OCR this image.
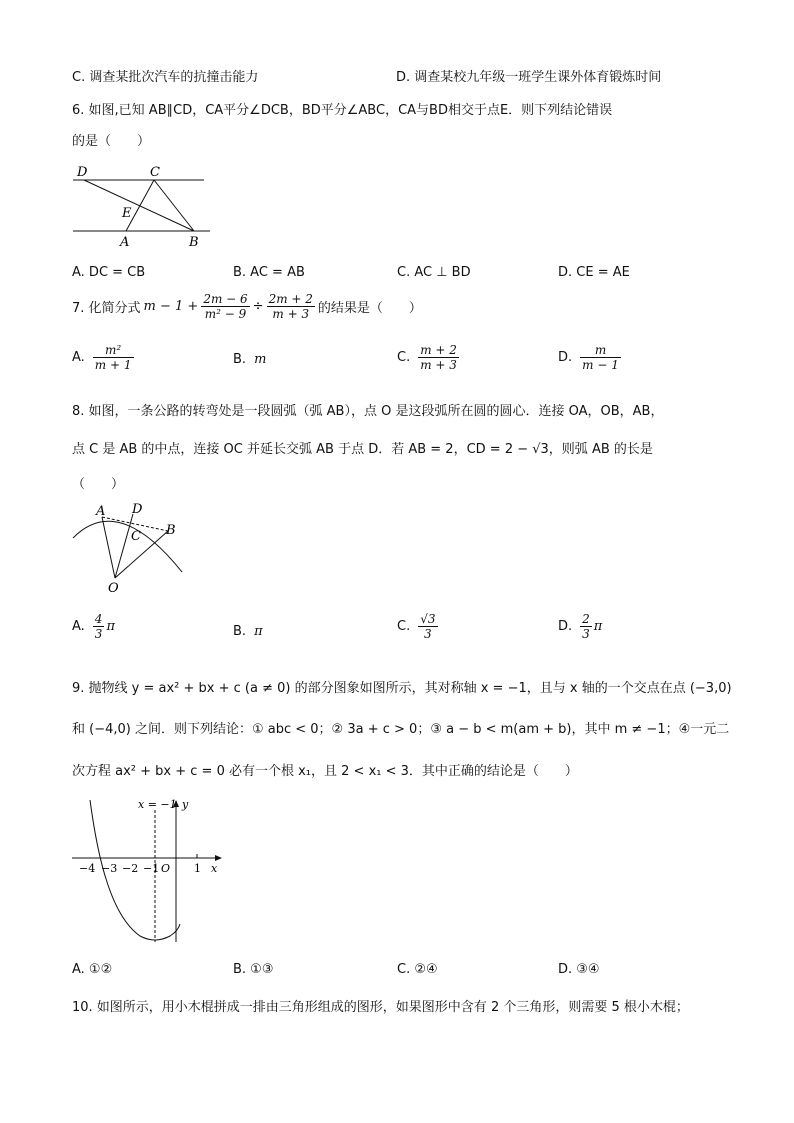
C. 调查某批次汽车的抗撞击能力	D. 调查某校九年级一班学生课外体育锻炼时间
6. 如图,已知 AB∥CD，CA平分∠DCB，BD平分∠ABC，CA与BD相交于点E．则下列结论错误
的是（　　）
D	C
E
A	B
A. DC = CB	B. AC = AB	C. AC ⊥ BD	D. CE = AE
7. 化简分式 $m - 1 + \frac{2m - 6}{\text{m² − 9}} \div \frac{2m + 2}{m + 3}$ 的结果是（　　）
A. $\frac{\text{m²}}{m + 1}$	B. m	C. $\frac{m + 2}{m + 3}$	D. $\frac{m}{m - 1}$
8. 如图，一条公路的转弯处是一段圆弧（弧 AB），点 O 是这段弧所在圆的圆心．连接 OA，OB，AB，
点 C 是 AB 的中点，连接 OC 并延长交弧 AB 于点 D．若 AB = 2，CD = 2 − √3，则弧 AB 的长是
（　　）
A D
C B
O
A. $\frac{4}{3}$ π	B. π	C. $\frac{√3}{3}$	D. $\frac{2}{3}$ π
9. 抛物线 y = ax² + bx + c (a ≠ 0) 的部分图象如图所示，其对称轴 x = −1，且与 x 轴的一个交点在点 (−3,0)
和 (−4,0) 之间．则下列结论：① abc < 0；② 3a + c > 0；③ a − b < m(am + b)，其中 m ≠ −1；④一元二
次方程 ax² + bx + c = 0 必有一个根 x₁，且 2 < x₁ < 3．其中正确的结论是（　　）
x = −1 y
x
O
−4 −3 −2 −1	1
A. ①②	B. ①③	C. ②④	D. ③④
10. 如图所示，用小木棍拼成一排由三角形组成的图形，如果图形中含有 2 个三角形，则需要 5 根小木棍；
